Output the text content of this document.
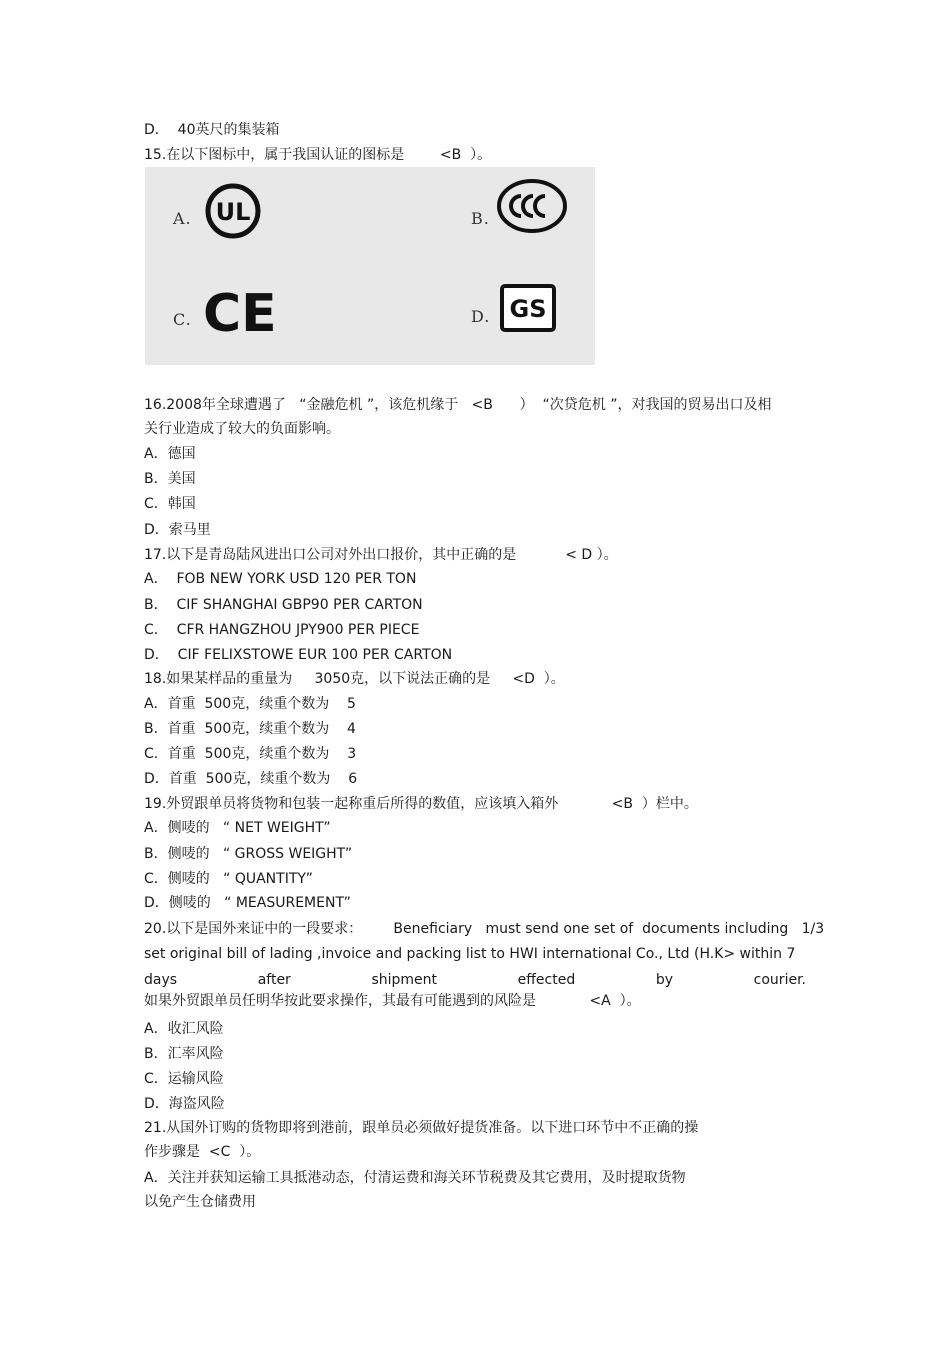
D．  40英尺的集装箱

15.在以下图标中，属于我国认证的图标是        <B  ）。

A. UL	B.
C. CE	D. GS

16.2008年全球遭遇了   “金融危机 ”，该危机缘于   <B      ）  “次贷危机 ”，对我国的贸易出口及相

关行业造成了较大的负面影响。

A．德国

B．美国

C．韩国

D．索马里

17.以下是青岛陆风进出口公司对外出口报价，其中正确的是           < D ）。

A．  FOB NEW YORK USD 120 PER TON

B．  CIF SHANGHAI GBP90 PER CARTON

C．  CFR HANGZHOU JPY900 PER PIECE

D．  CIF FELIXSTOWE EUR 100 PER CARTON

18.如果某样品的重量为     3050克，以下说法正确的是     <D  ）。

A．首重  500克，续重个数为    5

B．首重  500克，续重个数为    4

C．首重  500克，续重个数为    3

D．首重  500克，续重个数为    6

19.外贸跟单员将货物和包装一起称重后所得的数值，应该填入箱外            <B  ）栏中。

A．侧唛的   “ NET WEIGHT”

B．侧唛的   “ GROSS WEIGHT”

C．侧唛的   “ QUANTITY”

D．侧唛的   “ MEASUREMENT”

20.以下是国外来证中的一段要求：       Beneficiary   must send one set of  documents including   1/3

set original bill of lading ,invoice and packing list to HWI international Co., Ltd (H.K> within 7

days	after	shipment	effected	by	courier.

如果外贸跟单员任明华按此要求操作，其最有可能遇到的风险是            <A  ）。

A．收汇风险

B．汇率风险

C．运输风险

D．海盗风险

21.从国外订购的货物即将到港前，跟单员必须做好提货准备。以下进口环节中不正确的操

作步骤是  <C  ）。

A．关注并获知运输工具抵港动态，付清运费和海关环节税费及其它费用，及时提取货物

以免产生仓储费用
